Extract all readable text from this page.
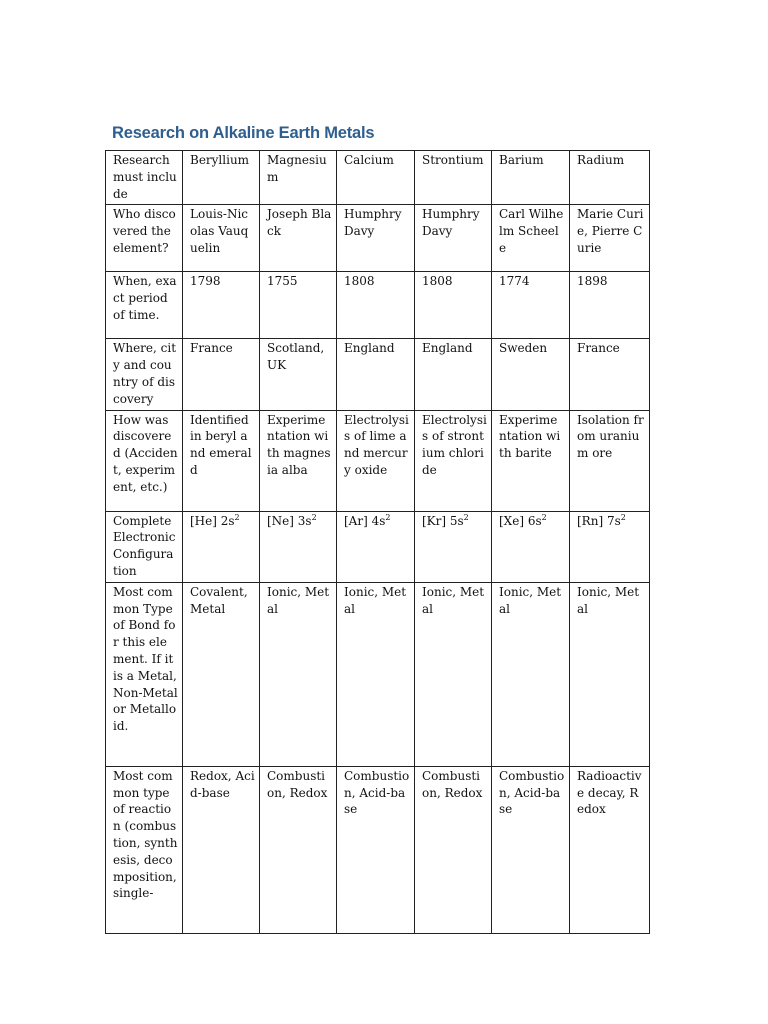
Research on Alkaline Earth Metals
Research must include	Beryllium	Magnesium	Calcium	Strontium	Barium	Radium
Who discovered the element?	Louis-Nicolas Vauquelin	Joseph Black	Humphry Davy	Humphry Davy	Carl Wilhelm Scheele	Marie Curie, Pierre Curie
When, exact period of time.	1798	1755	1808	1808	1774	1898
Where, city and country of discovery	France	Scotland, UK	England	England	Sweden	France
How was discovered (Accident, experiment, etc.)	Identified in beryl and emerald	Experimentation with magnesia alba	Electrolysis of lime and mercury oxide	Electrolysis of strontium chloride	Experimentation with barite	Isolation from uranium ore
Complete Electronic Configuration	[He] $2s^2$	[Ne] $3s^2$	[Ar] $4s^2$	[Kr] $5s^2$	[Xe] $6s^2$	[Rn] $7s^2$
Most common Type of Bond for this element. If it is a Metal, Non-Metal or Metalloid.	Covalent, Metal	Ionic, Metal	Ionic, Metal	Ionic, Metal	Ionic, Metal	Ionic, Metal
Most common type of reaction (combustion, synthesis, decomposition, single-	Redox, Acid-base	Combustion, Redox	Combustion, Acid-base	Combustion, Redox	Combustion, Acid-base	Radioactive decay, Redox
